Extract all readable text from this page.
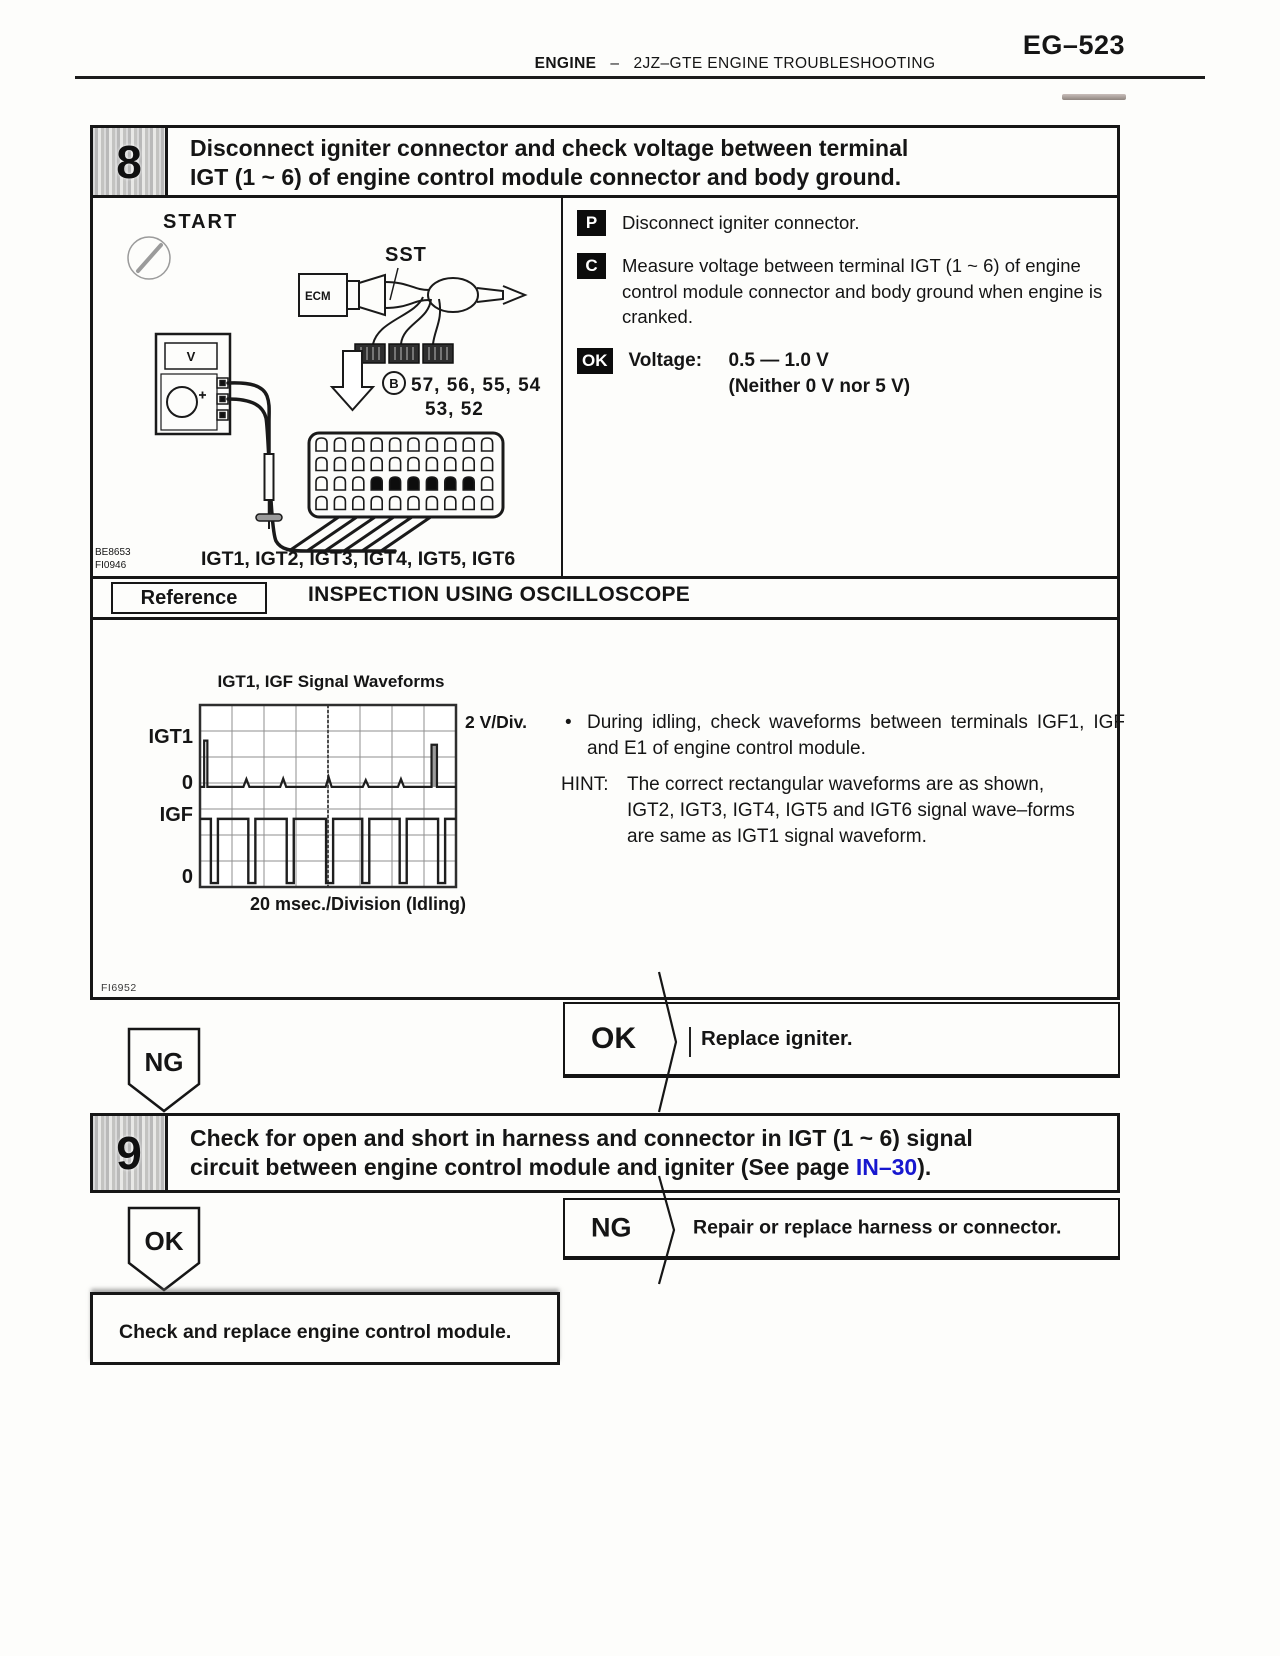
EG–523
ENGINE – 2JZ–GTE ENGINE TROUBLESHOOTING
8	Disconnect igniter connector and check voltage between terminal
IGT (1 ~ 6) of engine control module connector and body ground.
START
SST
ECM
V
B 57, 56, 55, 54
53, 52
IGT1, IGT2, IGT3, IGT4, IGT5, IGT6
BE8653
FI0946
P	Disconnect igniter connector.
C	Measure voltage between terminal IGT (1 ~ 6) of engine control module connector and body ground when engine is cranked.
OK Voltage:	0.5 — 1.0 V
(Neither 0 V nor 5 V)
Reference	INSPECTION USING OSCILLOSCOPE
IGT1, IGF Signal Waveforms
2 V/Div.
IGT1
0
IGF
0
20 msec./Division (Idling)
• During idling, check waveforms between terminals IGF1, IGF and E1 of engine control module.
HINT: The correct rectangular waveforms are as shown, IGT2, IGT3, IGT4, IGT5 and IGT6 signal wave–forms are same as IGT1 signal waveform.
FI6952
NG
OK	Replace igniter.
9	Check for open and short in harness and connector in IGT (1 ~ 6) signal
circuit between engine control module and igniter (See page IN–30).
OK	NG	Repair or replace harness or connector.
Check and replace engine control module.
